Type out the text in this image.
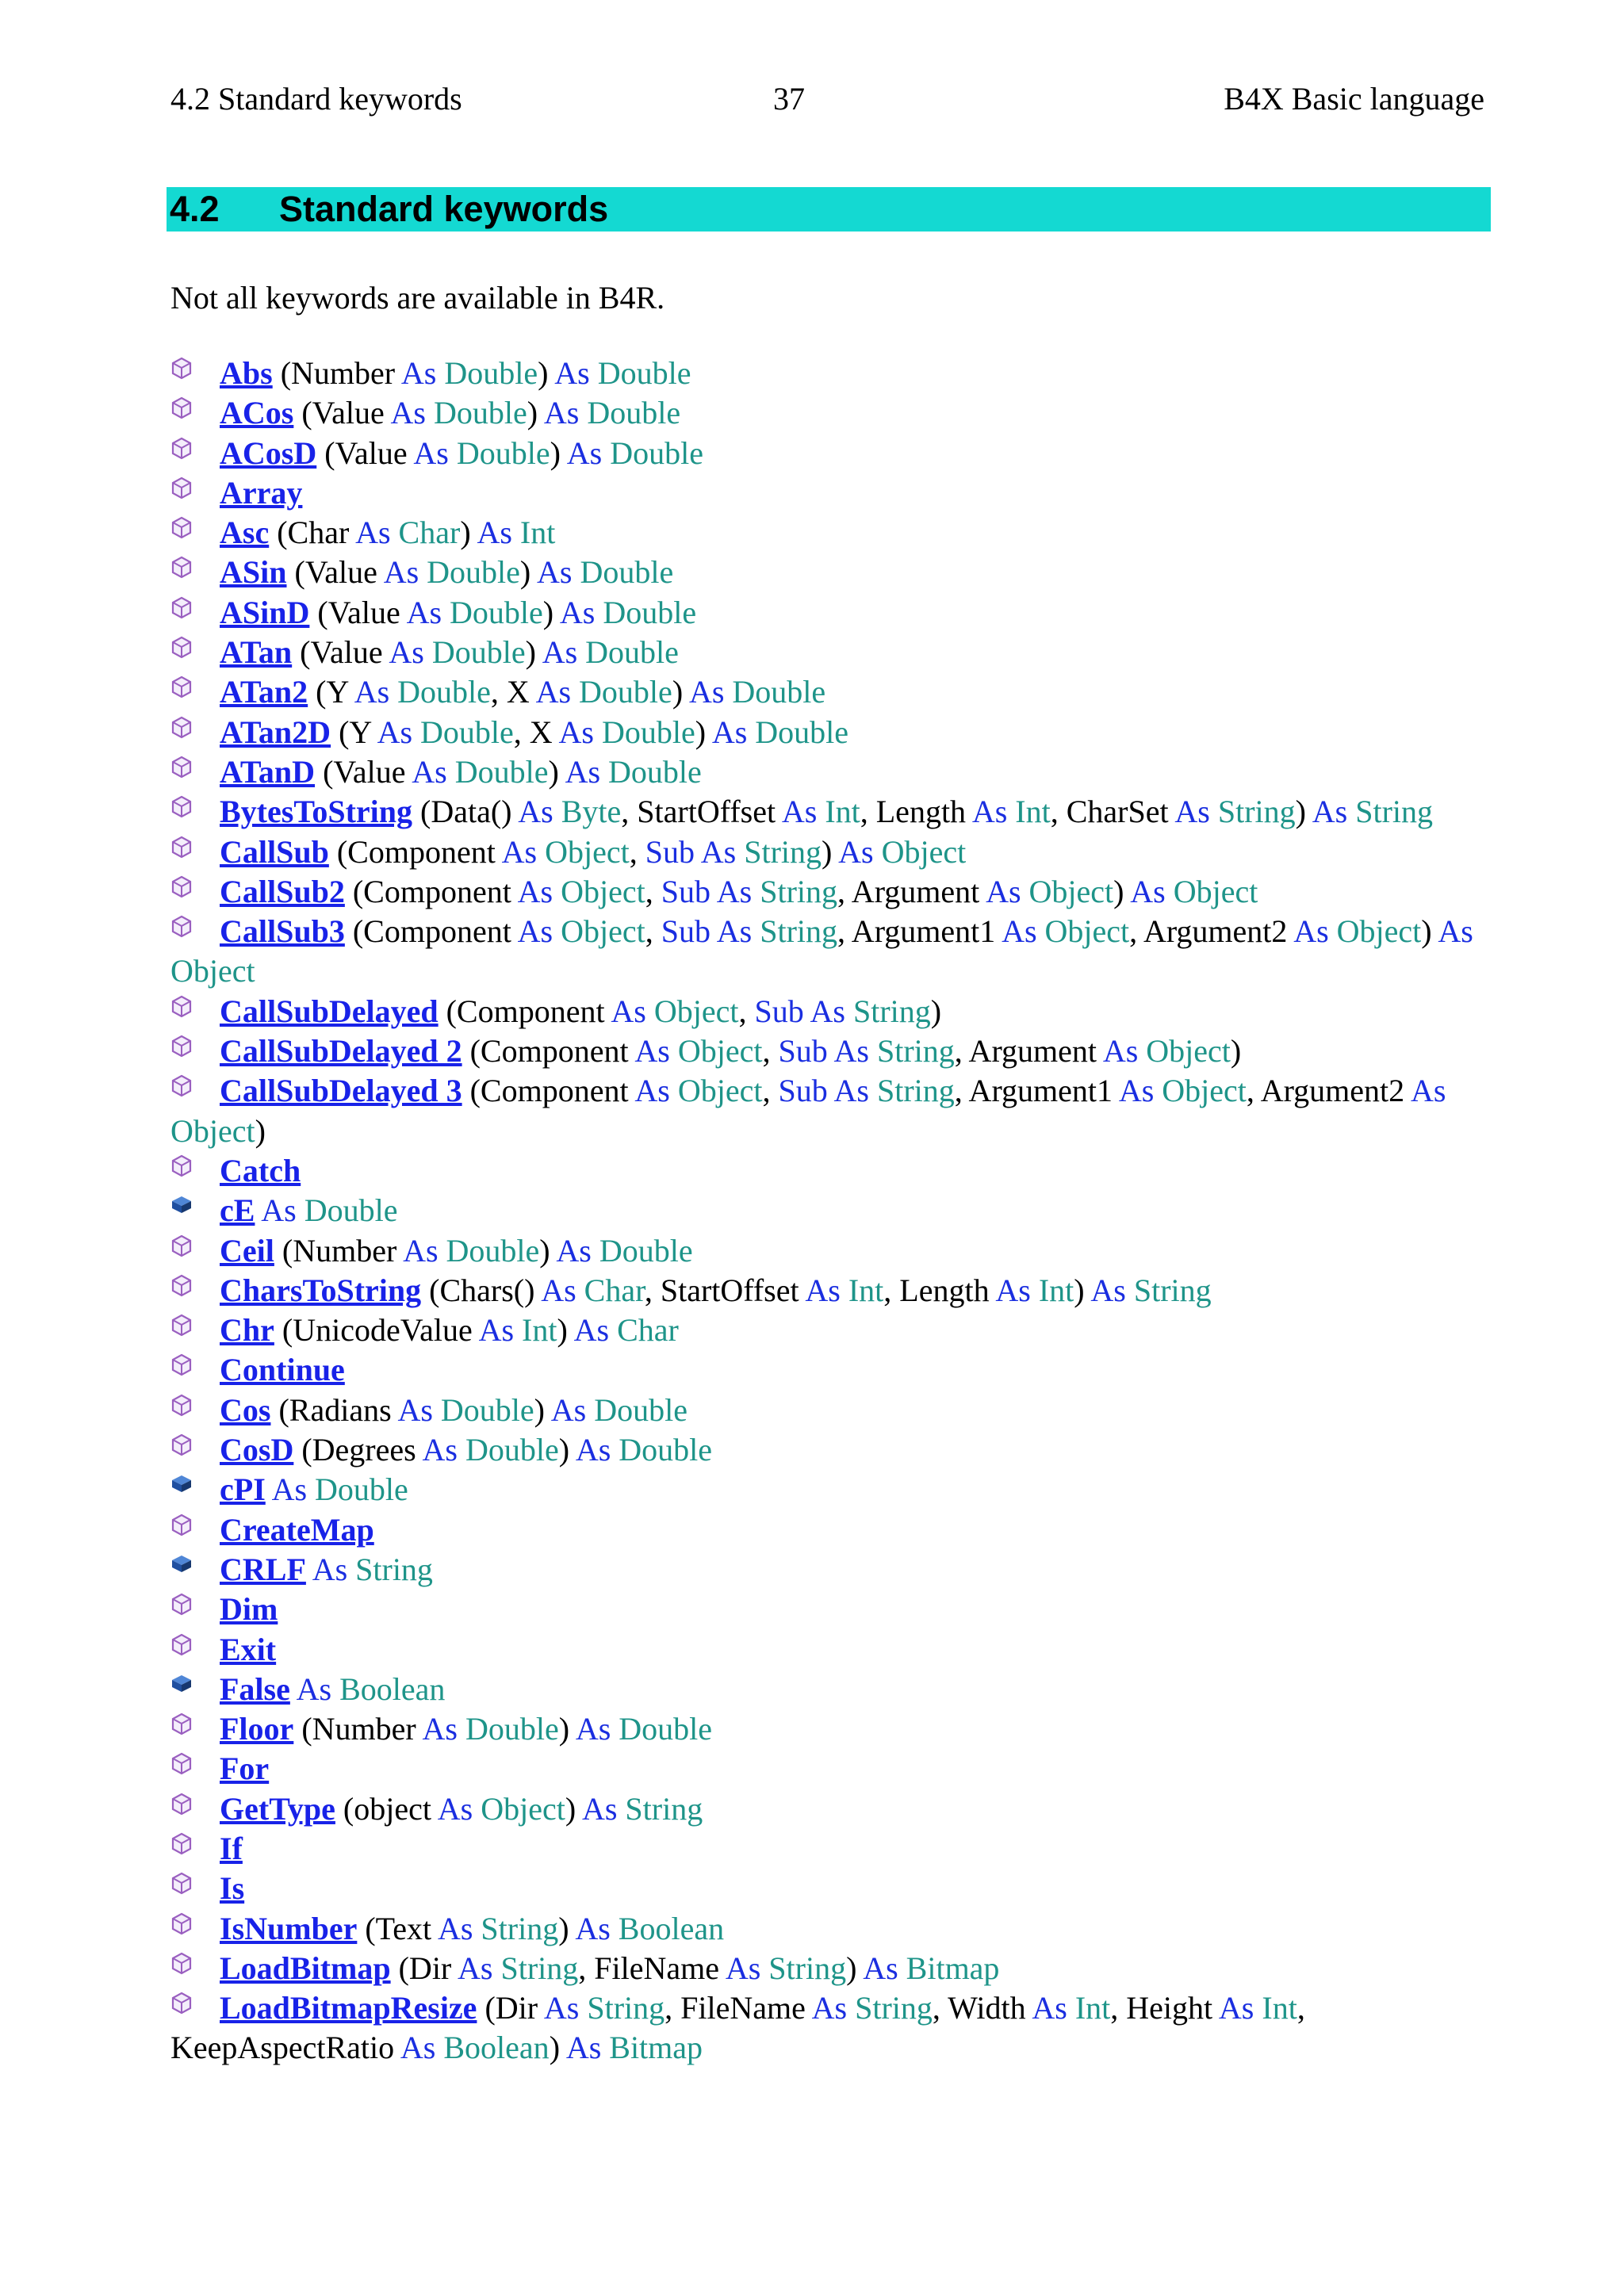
4.2 Standard keywords	37	B4X Basic language
4.2 Standard keywords

Not all keywords are available in B4R.

Abs (Number As Double) As Double
ACos (Value As Double) As Double
ACosD (Value As Double) As Double
Array
Asc (Char As Char) As Int
ASin (Value As Double) As Double
ASinD (Value As Double) As Double
ATan (Value As Double) As Double
ATan2 (Y As Double, X As Double) As Double
ATan2D (Y As Double, X As Double) As Double
ATanD (Value As Double) As Double
BytesToString (Data() As Byte, StartOffset As Int, Length As Int, CharSet As String) As String
CallSub (Component As Object, Sub As String) As Object
CallSub2 (Component As Object, Sub As String, Argument As Object) As Object
CallSub3 (Component As Object, Sub As String, Argument1 As Object, Argument2 As Object) As Object
CallSubDelayed (Component As Object, Sub As String)
CallSubDelayed 2 (Component As Object, Sub As String, Argument As Object)
CallSubDelayed 3 (Component As Object, Sub As String, Argument1 As Object, Argument2 As Object)
Catch
cE As Double
Ceil (Number As Double) As Double
CharsToString (Chars() As Char, StartOffset As Int, Length As Int) As String
Chr (UnicodeValue As Int) As Char
Continue
Cos (Radians As Double) As Double
CosD (Degrees As Double) As Double
cPI As Double
CreateMap
CRLF As String
Dim
Exit
False As Boolean
Floor (Number As Double) As Double
For
GetType (object As Object) As String
If
Is
IsNumber (Text As String) As Boolean
LoadBitmap (Dir As String, FileName As String) As Bitmap
LoadBitmapResize (Dir As String, FileName As String, Width As Int, Height As Int, KeepAspectRatio As Boolean) As Bitmap
